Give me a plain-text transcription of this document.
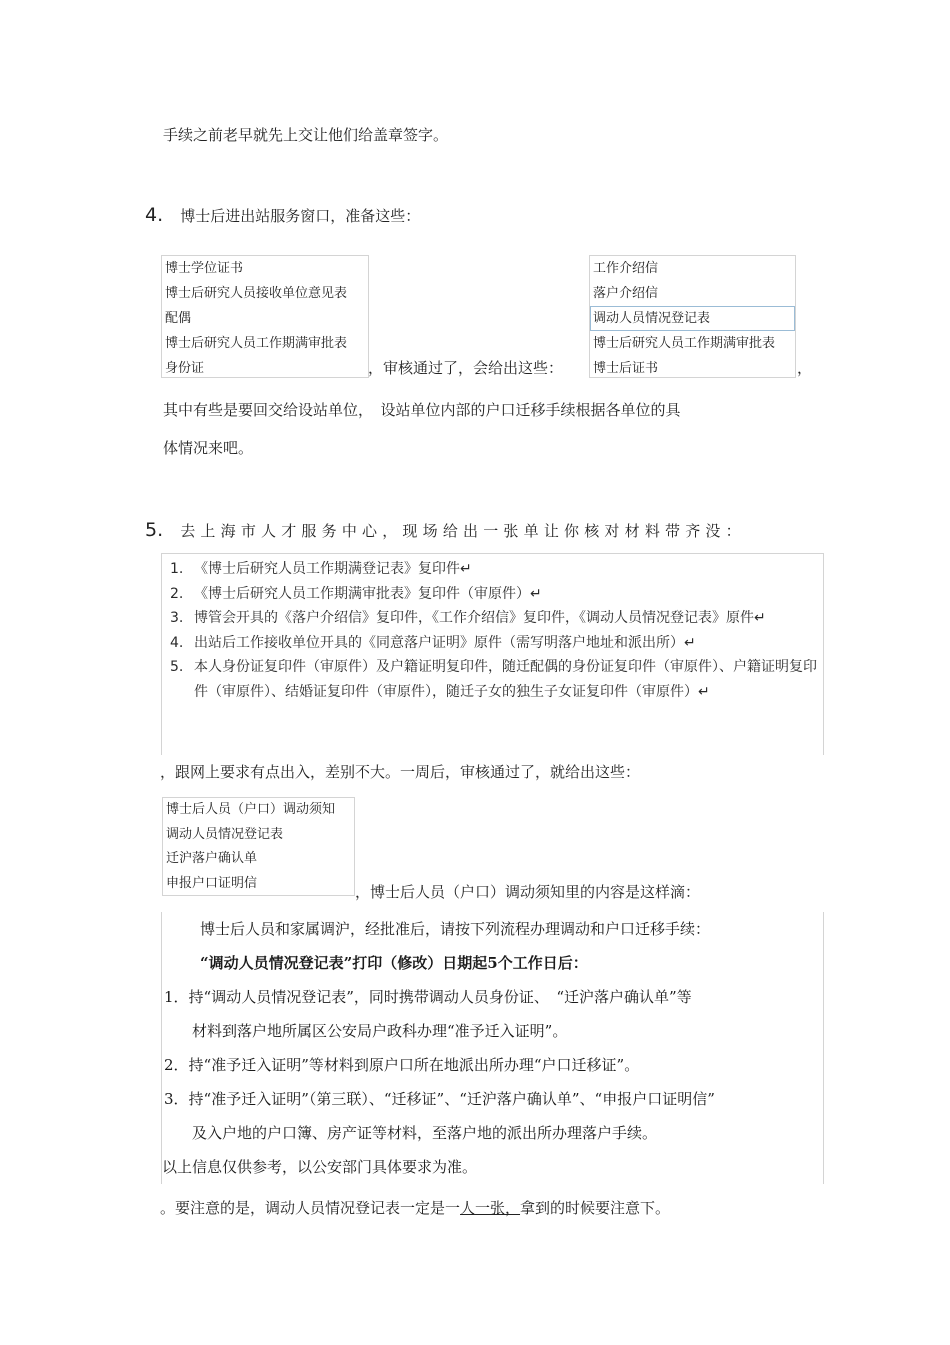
手续之前老早就先上交让他们给盖章签字。
4. 博士后进出站服务窗口，准备这些：
博士学位证书
博士后研究人员接收单位意见表
配偶
博士后研究人员工作期满审批表
身份证	，审核通过了，会给出这些：
工作介绍信
落户介绍信
调动人员情况登记表
博士后研究人员工作期满审批表
博士后证书	，
其中有些是要回交给设站单位，　设站单位内部的户口迁移手续根据各单位的具
体情况来吧。
5. 去上海市人才服务中心，现场给出一张单让你核对材料带齐没：
1. 《博士后研究人员工作期满登记表》复印件↵
2. 《博士后研究人员工作期满审批表》复印件（审原件）↵
3. 博管会开具的《落户介绍信》复印件，《工作介绍信》复印件，《调动人员情况登记表》原件↵
4. 出站后工作接收单位开具的《同意落户证明》原件（需写明落户地址和派出所）↵
5. 本人身份证复印件（审原件）及户籍证明复印件，随迁配偶的身份证复印件（审原件）、户籍证明复印件（审原件）、结婚证复印件（审原件），随迁子女的独生子女证复印件（审原件）↵
，跟网上要求有点出入，差别不大。一周后，审核通过了，就给出这些：
博士后人员（户口）调动须知
调动人员情况登记表
迁沪落户确认单
申报户口证明信	，博士后人员（户口）调动须知里的内容是这样滴：
博士后人员和家属调沪，经批准后，请按下列流程办理调动和户口迁移手续：
“调动人员情况登记表”打印（修改）日期起5个工作日后：
1．持“调动人员情况登记表”，同时携带调动人员身份证、　“迁沪落户确认单”等
材料到落户地所属区公安局户政科办理“准予迁入证明”。
2．持“准予迁入证明”等材料到原户口所在地派出所办理“户口迁移证”。
3．持“准予迁入证明”（第三联）、“迁移证”、“迁沪落户确认单”、“申报户口证明信”
及入户地的户口簿、房产证等材料，至落户地的派出所办理落户手续。
以上信息仅供参考，以公安部门具体要求为准。
。要注意的是，调动人员情况登记表一定是一人一张，拿到的时候要注意下。
